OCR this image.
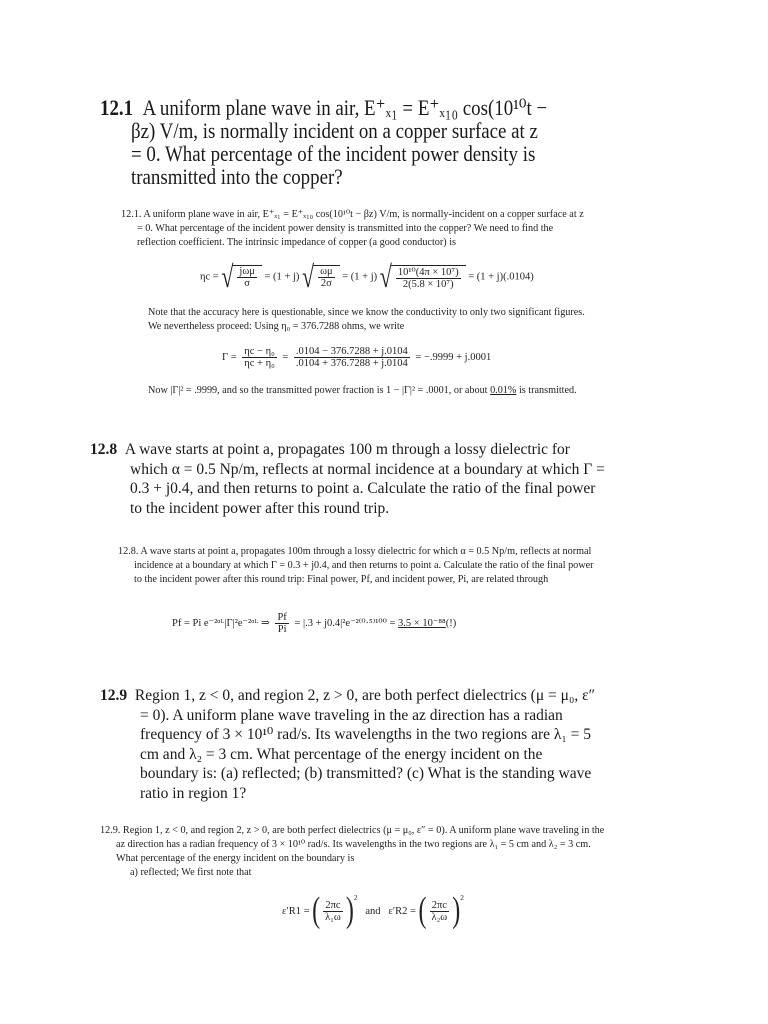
12.1 A uniform plane wave in air, E⁺ₓ₁ = E⁺ₓ₁₀ cos(10¹⁰t − βz) V/m, is normally incident on a copper surface at z = 0. What percentage of the incident power density is transmitted into the copper?

12.1. A uniform plane wave in air, E⁺ₓ₁ = E⁺ₓ₁₀ cos(10¹⁰t − βz) V/m, is normally-incident on a copper surface at z = 0. What percentage of the incident power density is transmitted into the copper? We need to find the reflection coefficient. The intrinsic impedance of copper (a good conductor) is

ηc = √ $\frac{\text{jωμ}}{\sigma} = (1 + j)$ √ $\frac{\omega\mu}{2\sigma} = (1 + j)$ √ $\frac{\text{10¹⁰(4π × 10⁷)}}{\text{2(5.8 × 10⁷)}} = (1 + j)(.0104)$

Note that the accuracy here is questionable, since we know the conductivity to only two significant figures. We nevertheless proceed: Using η₀ = 376.7288 ohms, we write

$\Gamma = \frac{\text{ηc − η₀}}{\text{ηc + η₀}} = \frac{.0104 - 376.7288 + j.0104}{.0104 + 376.7288 + j.0104} = -.9999 + j.0001$

Now |Γ|² = .9999, and so the transmitted power fraction is 1 − |Γ|² = .0001, or about 0.01% is transmitted.

12.8 A wave starts at point a, propagates 100 m through a lossy dielectric for which α = 0.5 Np/m, reflects at normal incidence at a boundary at which Γ = 0.3 + j0.4, and then returns to point a. Calculate the ratio of the final power to the incident power after this round trip.

12.8. A wave starts at point a, propagates 100m through a lossy dielectric for which α = 0.5 Np/m, reflects at normal incidence at a boundary at which Γ = 0.3 + j0.4, and then returns to point a. Calculate the ratio of the final power to the incident power after this round trip: Final power, Pf, and incident power, Pi, are related through

Pf = Pi e⁻²ᵅᴸ|Γ|²e⁻²ᵅᴸ ⇒ $\frac{Pf}{Pi} = |.3 + j0.4|^2e^{-2(0}\cdot^{5)100} = 3.5 \times 10^{-88}(!)$
12.9 Region 1, z < 0, and region 2, z > 0, are both perfect dielectrics (μ = μ₀, ε″ = 0). A uniform plane wave traveling in the az direction has a radian frequency of 3 × 10¹⁰ rad/s. Its wavelengths in the two regions are λ₁ = 5 cm and λ₂ = 3 cm. What percentage of the energy incident on the boundary is: (a) reflected; (b) transmitted? (c) What is the standing wave ratio in region 1?

12.9. Region 1, z < 0, and region 2, z > 0, are both perfect dielectrics (μ = μ₀, ε″ = 0). A uniform plane wave traveling in the az direction has a radian frequency of 3 × 10¹⁰ rad/s. Its wavelengths in the two regions are λ₁ = 5 cm and λ₂ = 3 cm. What percentage of the energy incident on the boundary is

a) reflected; We first note that

ε′R1 = ( $\frac{2\pi c}{\text{λ₁ω}} )^2$   and ε′R2 = ( $\frac{2\pi c}{\text{λ₂ω}} )^2$
